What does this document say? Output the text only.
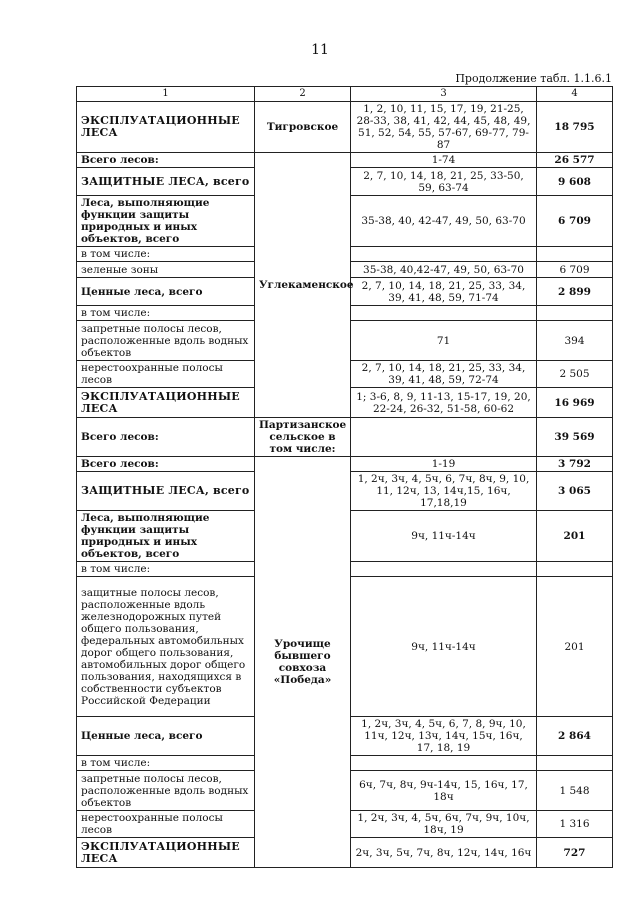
11
Продолжение табл. 1.1.6.1
1	2	3	4
ЭКСПЛУАТАЦИОННЫЕ ЛЕСА	Тигровское	1, 2, 10, 11, 15, 17, 19, 21-25, 28-33, 38, 41, 42, 44, 45, 48, 49, 51, 52, 54, 55, 57-67, 69-77, 79-87	18 795
Всего лесов:	Углекаменское	1-74	26 577
ЗАЩИТНЫЕ ЛЕСА, всего		2, 7, 10, 14, 18, 21, 25, 33-50, 59, 63-74	9 608
Леса, выполняющие функции защиты природных и иных объектов, всего		35-38, 40, 42-47, 49, 50, 63-70	6 709
в том числе:			
зеленые зоны		35-38, 40,42-47, 49, 50, 63-70	6 709
Ценные леса, всего		2, 7, 10, 14, 18, 21, 25, 33, 34, 39, 41, 48, 59, 71-74	2 899
в том числе:			
запретные полосы лесов, расположенные вдоль водных объектов		71	394
нерестоохранные полосы лесов		2, 7, 10, 14, 18, 21, 25, 33, 34, 39, 41, 48, 59, 72-74	2 505
ЭКСПЛУАТАЦИОННЫЕ ЛЕСА		1; 3-6, 8, 9, 11-13, 15-17, 19, 20, 22-24, 26-32, 51-58, 60-62	16 969
Всего лесов:	Партизанское сельское в том числе:		39 569
Всего лесов:	Урочище бывшего совхоза «Победа»	1-19	3 792
ЗАЩИТНЫЕ ЛЕСА, всего		1, 2ч, 3ч, 4, 5ч, 6, 7ч, 8ч, 9, 10, 11, 12ч, 13, 14ч,15, 16ч, 17,18,19	3 065
Леса, выполняющие функции защиты природных и иных объектов, всего		9ч, 11ч-14ч	201
в том числе:			
защитные полосы лесов, расположенные вдоль железнодорожных путей общего пользования, федеральных автомобильных дорог общего пользования, автомобильных дорог общего пользования, находящихся в собственности субъектов Российской Федерации		9ч, 11ч-14ч	201
Ценные леса, всего		1, 2ч, 3ч, 4, 5ч, 6, 7, 8, 9ч, 10, 11ч, 12ч, 13ч, 14ч, 15ч, 16ч, 17, 18, 19	2 864
в том числе:			
запретные полосы лесов, расположенные вдоль водных объектов		6ч, 7ч, 8ч, 9ч-14ч, 15, 16ч, 17, 18ч	1 548
нерестоохранные полосы лесов		1, 2ч, 3ч, 4, 5ч, 6ч, 7ч, 9ч, 10ч, 18ч, 19	1 316
ЭКСПЛУАТАЦИОННЫЕ ЛЕСА		2ч, 3ч, 5ч, 7ч, 8ч, 12ч, 14ч, 16ч	727
